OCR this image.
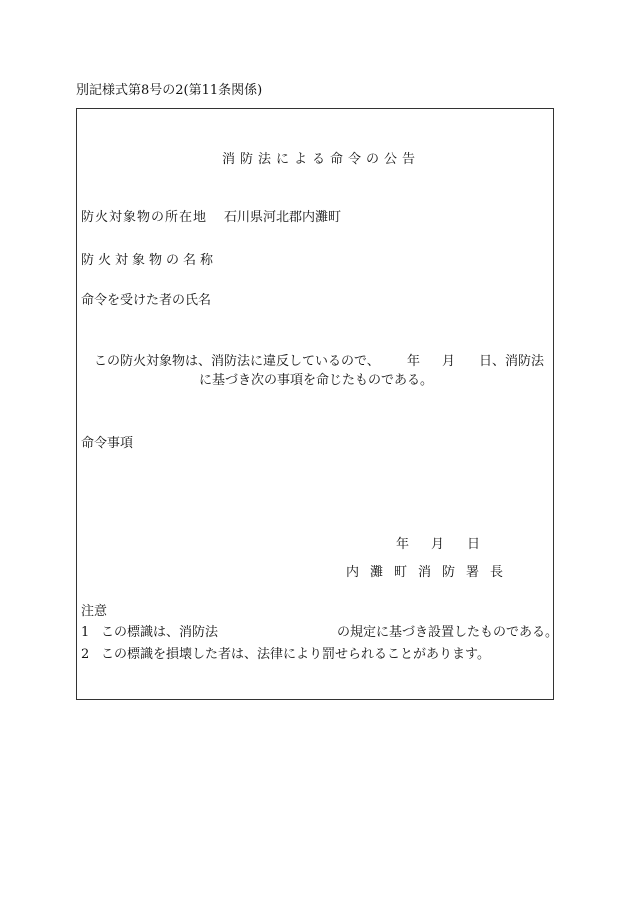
別記様式第8号の2(第11条関係)
消防法による命令の公告
防火対象物の所在地 石川県河北郡内灘町
防火対象物の名称
命令を受けた者の氏名
この防火対象物は、消防法に違反しているので、 年 月 日、消防法
に基づき次の事項を命じたものである。
命令事項
年 月 日
内灘町消防署長
注意
1 この標識は、消防法	の規定に基づき設置したものである。
2 この標識を損壊した者は、法律により罰せられることがあります。
